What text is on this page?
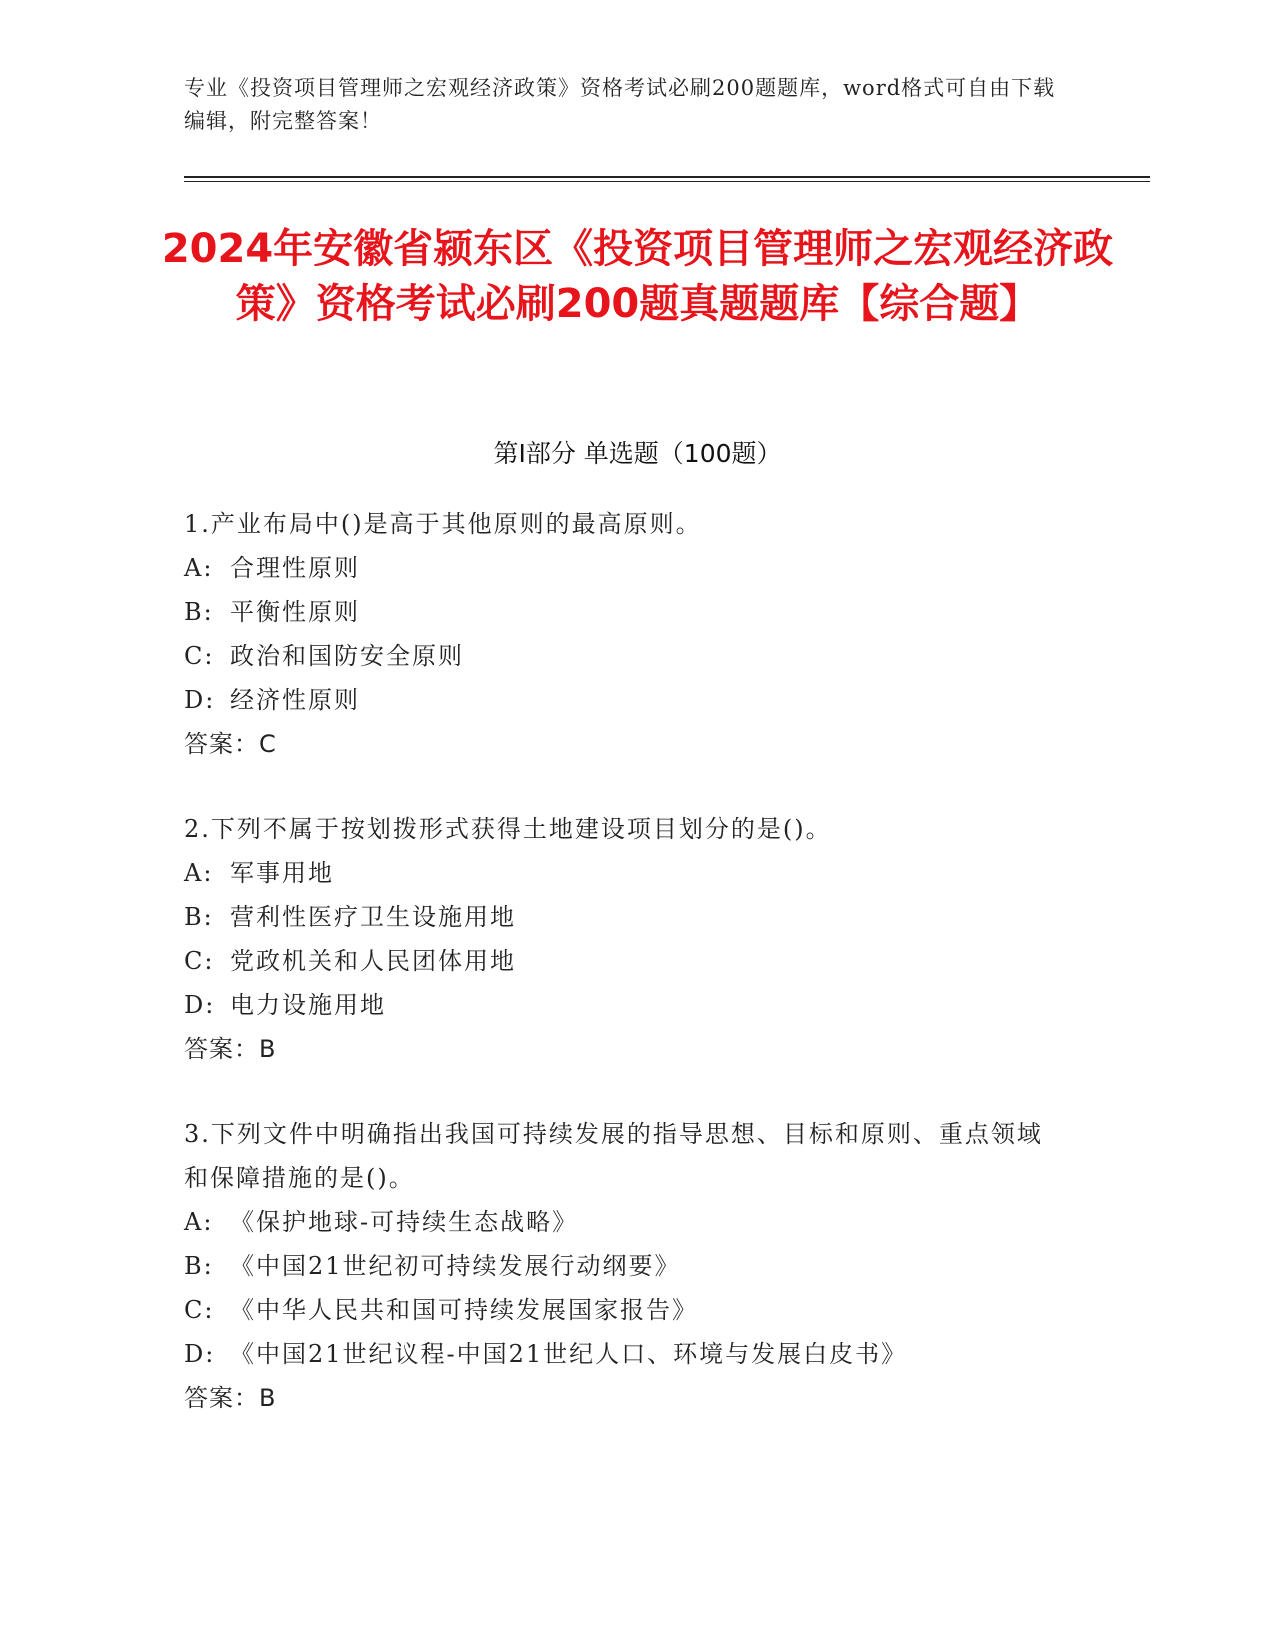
专业《投资项目管理师之宏观经济政策》资格考试必刷200题题库，word格式可自由下载编辑，附完整答案！
2024年安徽省颍东区《投资项目管理师之宏观经济政策》资格考试必刷200题真题题库【综合题】
第I部分 单选题（100题）
1.产业布局中()是高于其他原则的最高原则。
A: 合理性原则
B: 平衡性原则
C: 政治和国防安全原则
D: 经济性原则
答案：C
2.下列不属于按划拨形式获得土地建设项目划分的是()。
A: 军事用地
B: 营利性医疗卫生设施用地
C: 党政机关和人民团体用地
D: 电力设施用地
答案：B
3.下列文件中明确指出我国可持续发展的指导思想、目标和原则、重点领域和保障措施的是()。
A: 《保护地球-可持续生态战略》
B: 《中国21世纪初可持续发展行动纲要》
C: 《中华人民共和国可持续发展国家报告》
D: 《中国21世纪议程-中国21世纪人口、环境与发展白皮书》
答案：B
